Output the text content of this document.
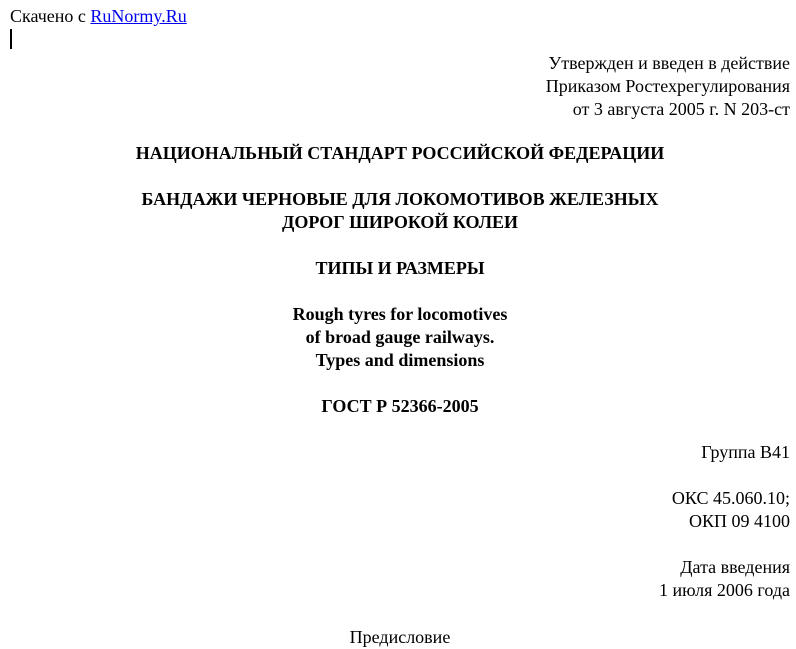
Скачено с RuNormy.Ru
Утвержден и введен в действие
Приказом Ростехрегулирования
от 3 августа 2005 г. N 203-ст
НАЦИОНАЛЬНЫЙ СТАНДАРТ РОССИЙСКОЙ ФЕДЕРАЦИИ
БАНДАЖИ ЧЕРНОВЫЕ ДЛЯ ЛОКОМОТИВОВ ЖЕЛЕЗНЫХ
ДОРОГ ШИРОКОЙ КОЛЕИ
ТИПЫ И РАЗМЕРЫ
Rough tyres for locomotives
of broad gauge railways.
Types and dimensions
ГОСТ Р 52366-2005
Группа В41
ОКС 45.060.10;
ОКП 09 4100
Дата введения
1 июля 2006 года
Предисловие
